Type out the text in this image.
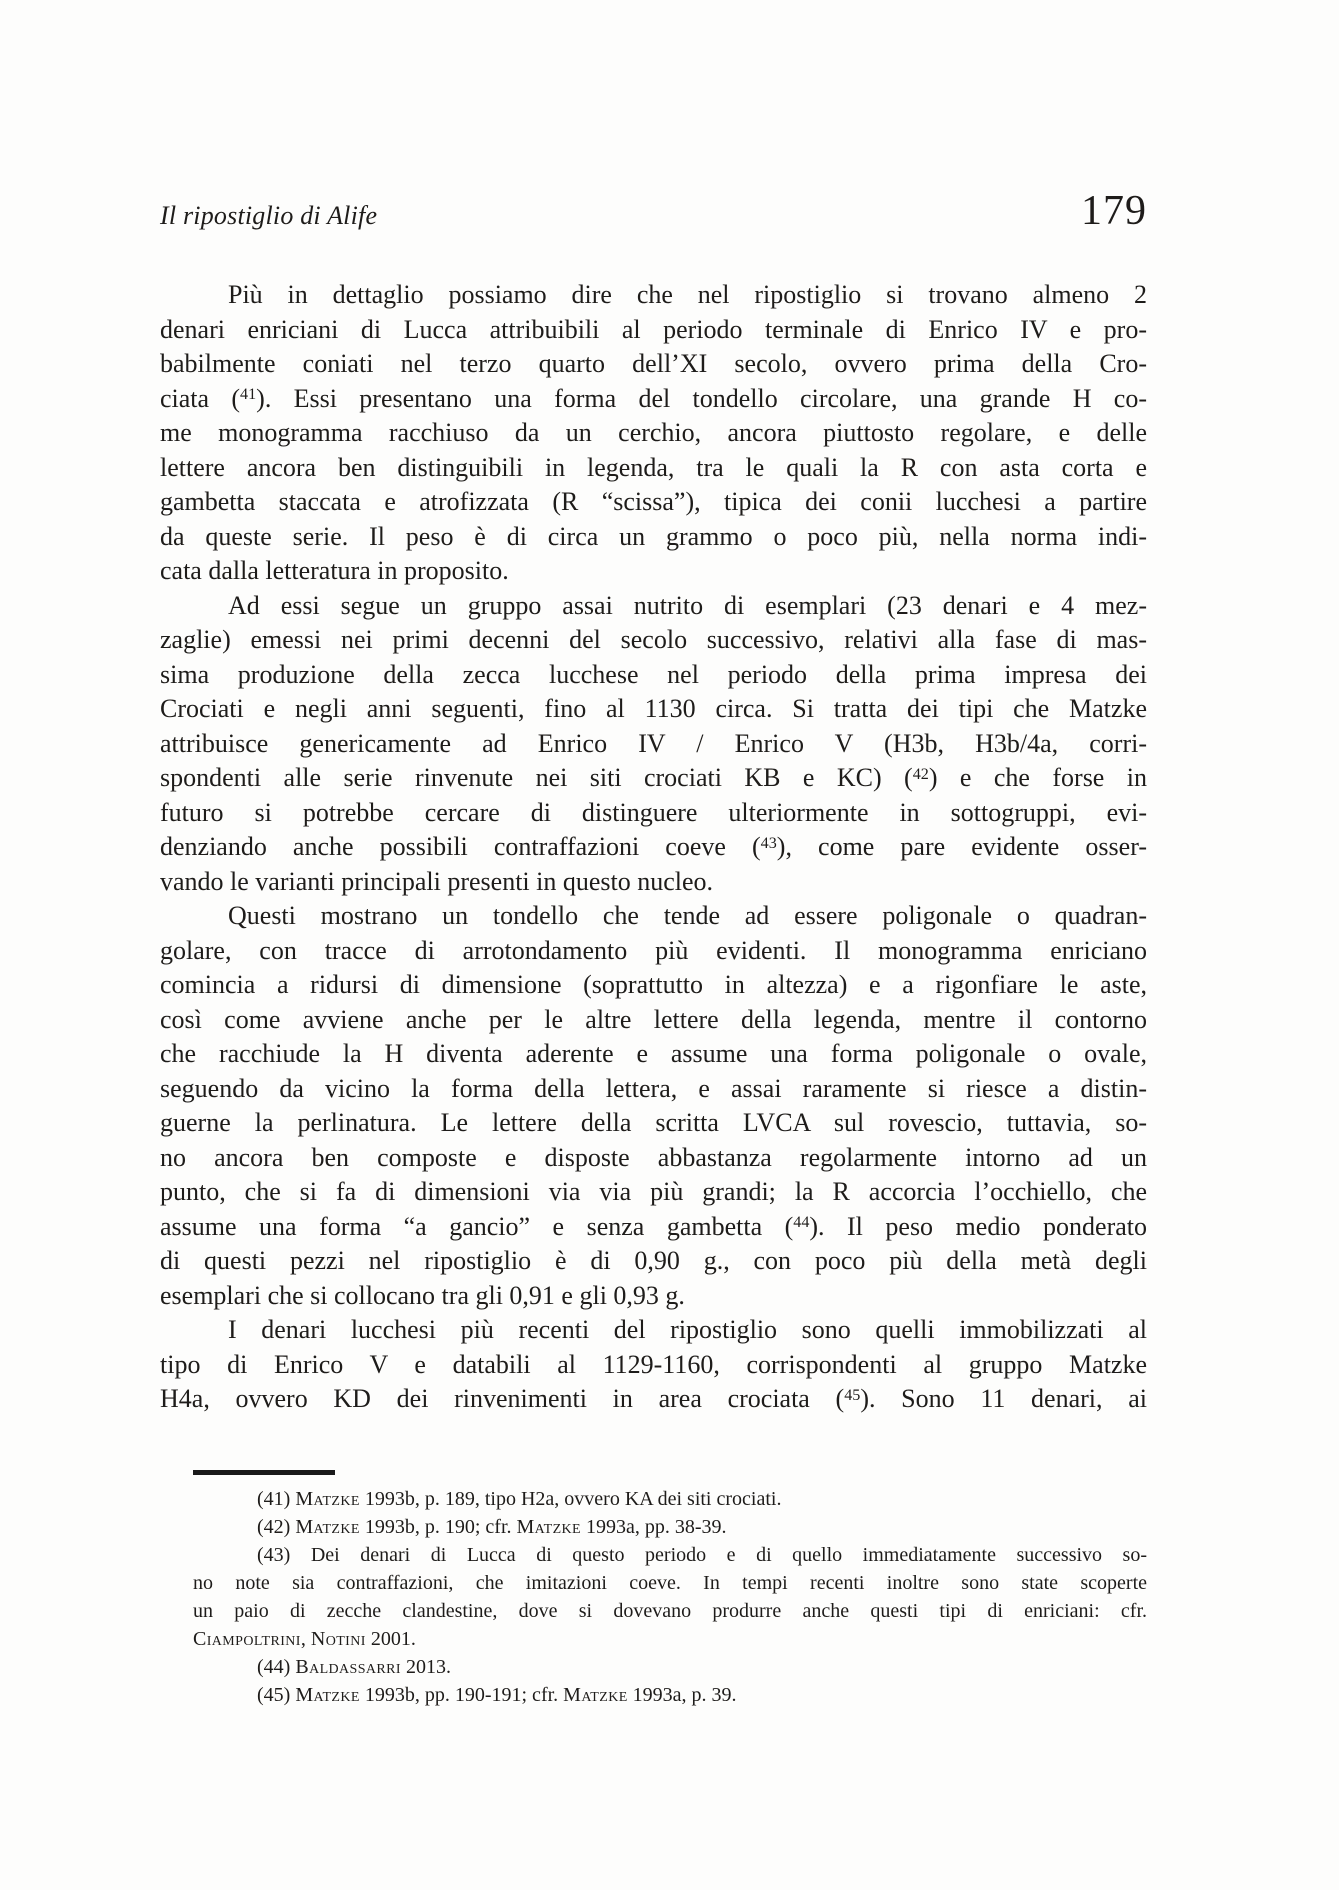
Il ripostiglio di Alife	179
Più in dettaglio possiamo dire che nel ripostiglio si trovano almeno 2
denari enriciani di Lucca attribuibili al periodo terminale di Enrico IV e pro-
babilmente coniati nel terzo quarto dell’XI secolo, ovvero prima della Cro-
ciata ($^{41}$). Essi presentano una forma del tondello circolare, una grande H co-
me monogramma racchiuso da un cerchio, ancora piuttosto regolare, e delle
lettere ancora ben distinguibili in legenda, tra le quali la R con asta corta e
gambetta staccata e atrofizzata (R “scissa”), tipica dei conii lucchesi a partire
da queste serie. Il peso è di circa un grammo o poco più, nella norma indi-
cata dalla letteratura in proposito.
Ad essi segue un gruppo assai nutrito di esemplari (23 denari e 4 mez-
zaglie) emessi nei primi decenni del secolo successivo, relativi alla fase di mas-
sima produzione della zecca lucchese nel periodo della prima impresa dei
Crociati e negli anni seguenti, fino al 1130 circa. Si tratta dei tipi che Matzke
attribuisce genericamente ad Enrico IV / Enrico V (H3b, H3b/4a, corri-
spondenti alle serie rinvenute nei siti crociati KB e KC) ($^{42}$) e che forse in
futuro si potrebbe cercare di distinguere ulteriormente in sottogruppi, evi-
denziando anche possibili contraffazioni coeve ($^{43}$), come pare evidente osser-
vando le varianti principali presenti in questo nucleo.
Questi mostrano un tondello che tende ad essere poligonale o quadran-
golare, con tracce di arrotondamento più evidenti. Il monogramma enriciano
comincia a ridursi di dimensione (soprattutto in altezza) e a rigonfiare le aste,
così come avviene anche per le altre lettere della legenda, mentre il contorno
che racchiude la H diventa aderente e assume una forma poligonale o ovale,
seguendo da vicino la forma della lettera, e assai raramente si riesce a distin-
guerne la perlinatura. Le lettere della scritta LVCA sul rovescio, tuttavia, so-
no ancora ben composte e disposte abbastanza regolarmente intorno ad un
punto, che si fa di dimensioni via via più grandi; la R accorcia l’occhiello, che
assume una forma “a gancio” e senza gambetta ($^{44}$). Il peso medio ponderato
di questi pezzi nel ripostiglio è di 0,90 g., con poco più della metà degli
esemplari che si collocano tra gli 0,91 e gli 0,93 g.
I denari lucchesi più recenti del ripostiglio sono quelli immobilizzati al
tipo di Enrico V e databili al 1129-1160, corrispondenti al gruppo Matzke
H4a, ovvero KD dei rinvenimenti in area crociata ($^{45}$). Sono 11 denari, ai
(41) Matzke 1993b, p. 189, tipo H2a, ovvero KA dei siti crociati.
(42) Matzke 1993b, p. 190; cfr. Matzke 1993a, pp. 38-39.
(43) Dei denari di Lucca di questo periodo e di quello immediatamente successivo so-
no note sia contraffazioni, che imitazioni coeve. In tempi recenti inoltre sono state scoperte
un paio di zecche clandestine, dove si dovevano produrre anche questi tipi di enriciani: cfr.
Ciampoltrini, Notini 2001.
(44) Baldassarri 2013.
(45) Matzke 1993b, pp. 190-191; cfr. Matzke 1993a, p. 39.
